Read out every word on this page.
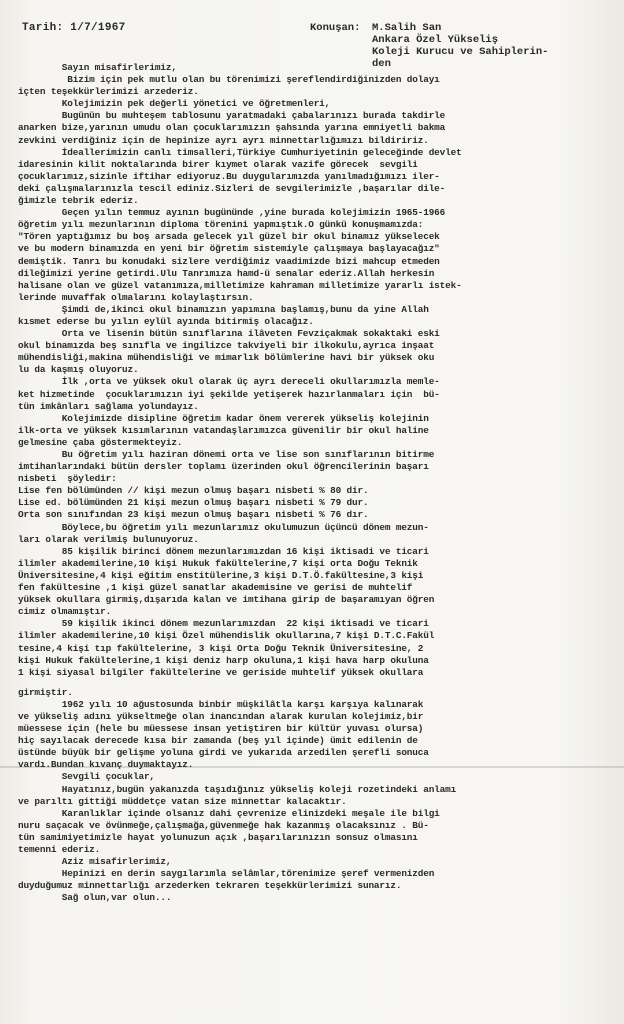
Tarih: 1/7/1967	Konuşan: M.Salih San
Ankara Özel Yükseliş
Koleji Kurucu ve Sahiplerin-
den
Sayın misafirlerimiz,
Bizim için pek mutlu olan bu törenimizi şereflendirdiğinizden dolayı
içten teşekkürlerimizi arzederiz.
Kolejimizin pek değerli yönetici ve öğretmenleri,
Bugünün bu muhteşem tablosunu yaratmadaki çabalarınızı burada takdirle
anarken bize,yarının umudu olan çocuklarımızın şahsında yarına emniyetli bakma
zevkini verdiğiniz için de hepinize ayrı ayrı minnettarlığımızı bildiririz.
İdeallerimizin canlı timsalleri,Türkiye Cumhuriyetinin geleceğinde devlet
idaresinin kilit noktalarında birer kıymet olarak vazife görecek  sevgili
çocuklarımız,sizinle iftihar ediyoruz.Bu duygularımızda yanılmadığımızı iler-
deki çalışmalarınızla tescil ediniz.Sizleri de sevgilerimizle ,başarılar dile-
ğimizle tebrik ederiz.
Geçen yılın temmuz ayının bugününde ,yine burada kolejimizin 1965-1966
öğretim yılı mezunlarının diploma törenini yapmıştık.O günkü konuşmamızda:
"Tören yaptığımız bu boş arsada gelecek yıl güzel bir okul binamız yükselecek
ve bu modern binamızda en yeni bir öğretim sistemiyle çalışmaya başlayacağız"
demiştik. Tanrı bu konudaki sizlere verdiğimiz vaadimizde bizi mahcup etmeden
dileğimizi yerine getirdi.Ulu Tanrımıza hamd-ü senalar ederiz.Allah herkesin
halisane olan ve güzel vatanımıza,milletimize kahraman milletimize yararlı istek-
lerinde muvaffak olmalarını kolaylaştırsın.
Şimdi de,ikinci okul binamızın yapımına başlamış,bunu da yine Allah
kısmet ederse bu yılın eylül ayında bitirmiş olacağız.
Orta ve lisenin bütün sınıflarına ilâveten Fevziçakmak sokaktaki eski
okul binamızda beş sınıfla ve ingilizce takviyeli bir ilkokulu,ayrıca inşaat
mühendisliği,makina mühendisliği ve mimarlık bölümlerine havi bir yüksek oku
lu da kaşmış oluyoruz.
İlk ,orta ve yüksek okul olarak üç ayrı dereceli okullarımızla memle-
ket hizmetinde  çocuklarımızın iyi şekilde yetişerek hazırlanmaları için  bü-
tün imkânları sağlama yolundayız.
Kolejimizde disipline öğretim kadar önem vererek yükseliş kolejinin
ilk-orta ve yüksek kısımlarının vatandaşlarımızca güvenilir bir okul haline
gelmesine çaba göstermekteyiz.
Bu öğretim yılı haziran dönemi orta ve lise son sınıflarının bitirme
imtihanlarındaki bütün dersler toplamı üzerinden okul öğrencilerinin başarı
nisbeti  şöyledir:
Lise fen bölümünden // kişi mezun olmuş başarı nisbeti % 80 dir.
Lise ed. bölümünden 21 kişi mezun olmuş başarı nisbeti % 79 dur.
Orta son sınıfından 23 kişi mezun olmuş başarı nisbeti % 76 dır.
Böylece,bu öğretim yılı mezunlarımız okulumuzun üçüncü dönem mezun-
ları olarak verilmiş bulunuyoruz.
85 kişilik birinci dönem mezunlarımızdan 16 kişi iktisadi ve ticari
ilimler akademilerine,10 kişi Hukuk fakültelerine,7 kişi orta Doğu Teknik
Üniversitesine,4 kişi eğitim enstitülerine,3 kişi D.T.Ö.fakültesine,3 kişi
fen fakültesine ,1 kişi güzel sanatlar akademisine ve gerisi de muhtelif
yüksek okullara girmiş,dışarıda kalan ve imtihana girip de başaramıyan öğren
cimiz olmamıştır.
59 kişilik ikinci dönem mezunlarımızdan  22 kişi iktisadi ve ticari
ilimler akademilerine,10 kişi Özel mühendislik okullarına,7 kişi D.T.C.Fakül
tesine,4 kişi tıp fakültelerine, 3 kişi Orta Doğu Teknik Üniversitesine, 2
kişi Hukuk fakültelerine,1 kişi deniz harp okuluna,1 kişi hava harp okuluna
1 kişi siyasal bilgiler fakültelerine ve geriside muhtelif yüksek okullara
girmiştir.
1962 yılı 10 ağustosunda binbir müşkilâtla karşı karşıya kalınarak
ve yükseliş adını yükseltmeğe olan inancından alarak kurulan kolejimiz,bir
müessese için (hele bu müessese insan yetiştiren bir kültür yuvası olursa)
hiç sayılacak derecede kısa bir zamanda (beş yıl içinde) ümit edilenin de
üstünde büyük bir gelişme yoluna girdi ve yukarıda arzedilen şerefli sonuca
vardı.Bundan kıvanç duymaktayız.
Sevgili çocuklar,
Hayatınız,bugün yakanızda taşıdığınız yükseliş koleji rozetindeki anlamı
ve parıltı gittiği müddetçe vatan size minnettar kalacaktır.
Karanlıklar içinde olsanız dahi çevrenize elinizdeki meşale ile bilgi
nuru saçacak ve övünmeğe,çalışmağa,güvenmeğe hak kazanmış olacaksınız . Bü-
tün samimiyetimizle hayat yolunuzun açık ,başarılarınızın sonsuz olmasını
temenni ederiz.
Aziz misafirlerimiz,
Hepinizi en derin saygılarımla selâmlar,törenimize şeref vermenizden
duyduğumuz minnettarlığı arzederken tekraren teşekkürlerimizi sunarız.
Sağ olun,var olun...
